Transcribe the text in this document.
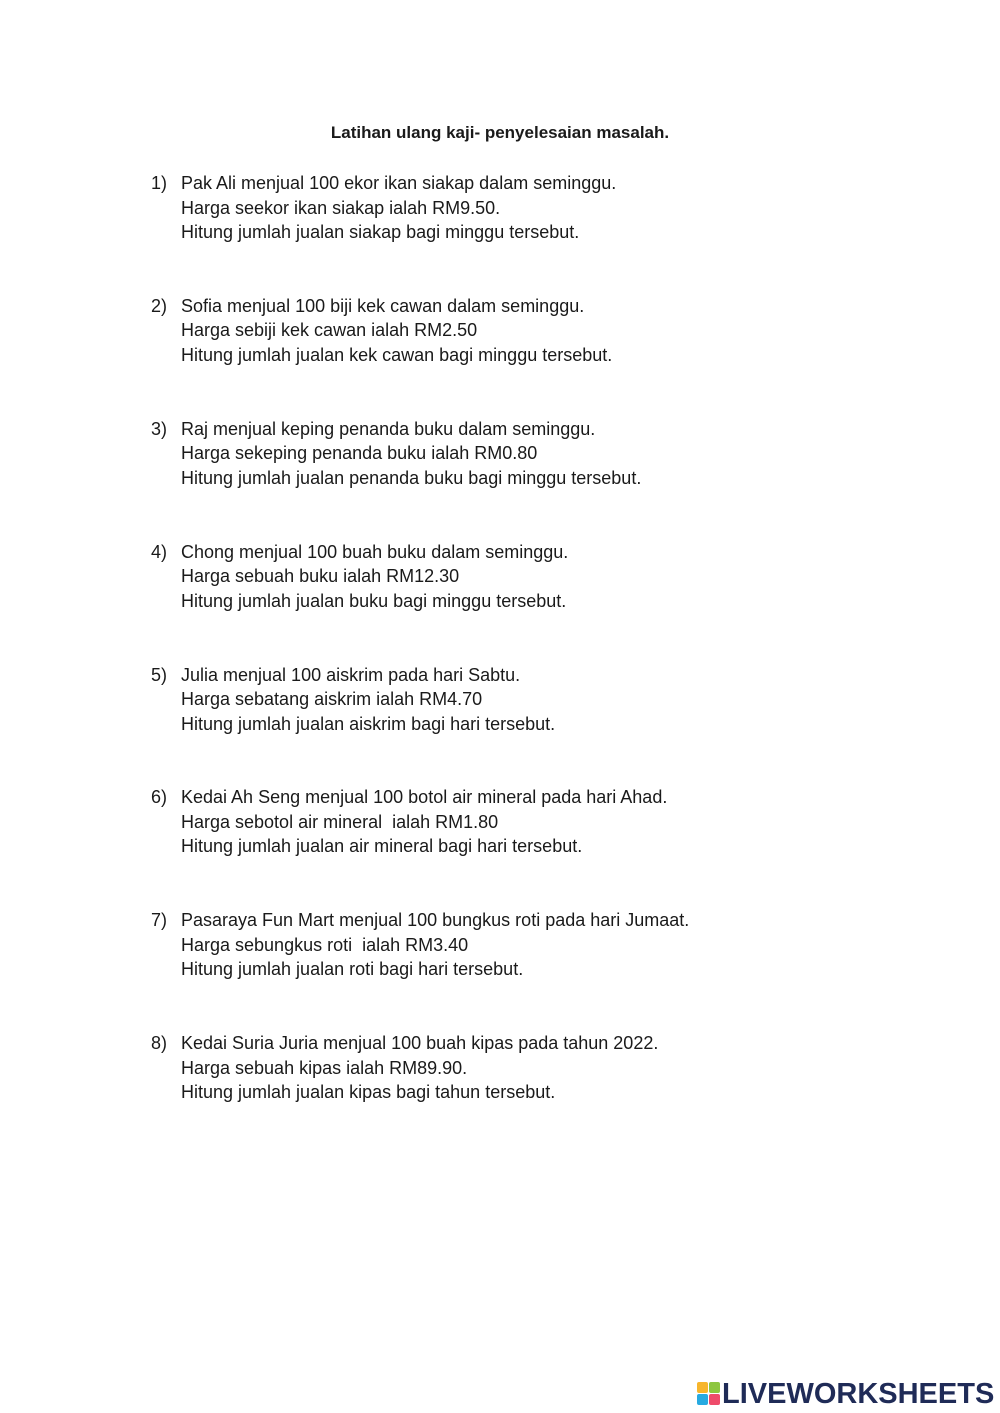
Latihan ulang kaji- penyelesaian masalah.
1) Pak Ali menjual 100 ekor ikan siakap dalam seminggu.
Harga seekor ikan siakap ialah RM9.50.
Hitung jumlah jualan siakap bagi minggu tersebut.
2) Sofia menjual 100 biji kek cawan dalam seminggu.
Harga sebiji kek cawan ialah RM2.50
Hitung jumlah jualan kek cawan bagi minggu tersebut.
3) Raj menjual keping penanda buku dalam seminggu.
Harga sekeping penanda buku ialah RM0.80
Hitung jumlah jualan penanda buku bagi minggu tersebut.
4) Chong menjual 100 buah buku dalam seminggu.
Harga sebuah buku ialah RM12.30
Hitung jumlah jualan buku bagi minggu tersebut.
5) Julia menjual 100 aiskrim pada hari Sabtu.
Harga sebatang aiskrim ialah RM4.70
Hitung jumlah jualan aiskrim bagi hari tersebut.
6) Kedai Ah Seng menjual 100 botol air mineral pada hari Ahad.
Harga sebotol air mineral  ialah RM1.80
Hitung jumlah jualan air mineral bagi hari tersebut.
7) Pasaraya Fun Mart menjual 100 bungkus roti pada hari Jumaat.
Harga sebungkus roti  ialah RM3.40
Hitung jumlah jualan roti bagi hari tersebut.
8) Kedai Suria Juria menjual 100 buah kipas pada tahun 2022.
Harga sebuah kipas ialah RM89.90.
Hitung jumlah jualan kipas bagi tahun tersebut.
LIVEWORKSHEETS
